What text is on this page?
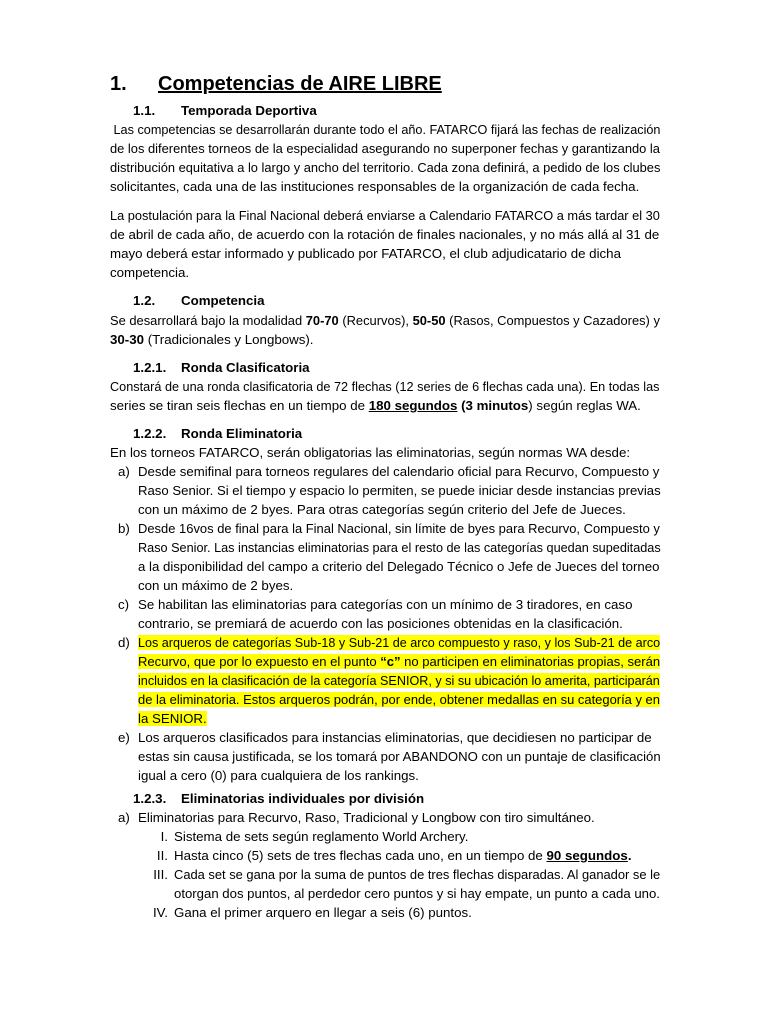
1. Competencias de AIRE LIBRE
1.1. Temporada Deportiva
Las competencias se desarrollarán durante todo el año. FATARCO fijará las fechas de realización
de los diferentes torneos de la especialidad asegurando no superponer fechas y garantizando la
distribución equitativa a lo largo y ancho del territorio. Cada zona definirá, a pedido de los clubes
solicitantes, cada una de las instituciones responsables de la organización de cada fecha.
La postulación para la Final Nacional deberá enviarse a Calendario FATARCO a más tardar el 30
de abril de cada año, de acuerdo con la rotación de finales nacionales, y no más allá al 31 de
mayo deberá estar informado y publicado por FATARCO, el club adjudicatario de dicha
competencia.
1.2. Competencia
Se desarrollará bajo la modalidad 70-70 (Recurvos), 50-50 (Rasos, Compuestos y Cazadores) y
30-30 (Tradicionales y Longbows).
1.2.1. Ronda Clasificatoria
Constará de una ronda clasificatoria de 72 flechas (12 series de 6 flechas cada una). En todas las
series se tiran seis flechas en un tiempo de 180 segundos (3 minutos) según reglas WA.
1.2.2. Ronda Eliminatoria
En los torneos FATARCO, serán obligatorias las eliminatorias, según normas WA desde:
a) Desde semifinal para torneos regulares del calendario oficial para Recurvo, Compuesto y
Raso Senior. Si el tiempo y espacio lo permiten, se puede iniciar desde instancias previas
con un máximo de 2 byes. Para otras categorías según criterio del Jefe de Jueces.
b) Desde 16vos de final para la Final Nacional, sin límite de byes para Recurvo, Compuesto y
Raso Senior. Las instancias eliminatorias para el resto de las categorías quedan supeditadas
a la disponibilidad del campo a criterio del Delegado Técnico o Jefe de Jueces del torneo
con un máximo de 2 byes.
c) Se habilitan las eliminatorias para categorías con un mínimo de 3 tiradores, en caso
contrario, se premiará de acuerdo con las posiciones obtenidas en la clasificación.
d) Los arqueros de categorías Sub-18 y Sub-21 de arco compuesto y raso, y los Sub-21 de arco
Recurvo, que por lo expuesto en el punto “c” no participen en eliminatorias propias, serán
incluidos en la clasificación de la categoría SENIOR, y si su ubicación lo amerita, participarán
de la eliminatoria. Estos arqueros podrán, por ende, obtener medallas en su categoría y en
la SENIOR.
e) Los arqueros clasificados para instancias eliminatorias, que decidiesen no participar de
estas sin causa justificada, se los tomará por ABANDONO con un puntaje de clasificación
igual a cero (0) para cualquiera de los rankings.
1.2.3. Eliminatorias individuales por división
a) Eliminatorias para Recurvo, Raso, Tradicional y Longbow con tiro simultáneo.
I. Sistema de sets según reglamento World Archery.
II. Hasta cinco (5) sets de tres flechas cada uno, en un tiempo de 90 segundos.
III. Cada set se gana por la suma de puntos de tres flechas disparadas. Al ganador se le
otorgan dos puntos, al perdedor cero puntos y si hay empate, un punto a cada uno.
IV. Gana el primer arquero en llegar a seis (6) puntos.
